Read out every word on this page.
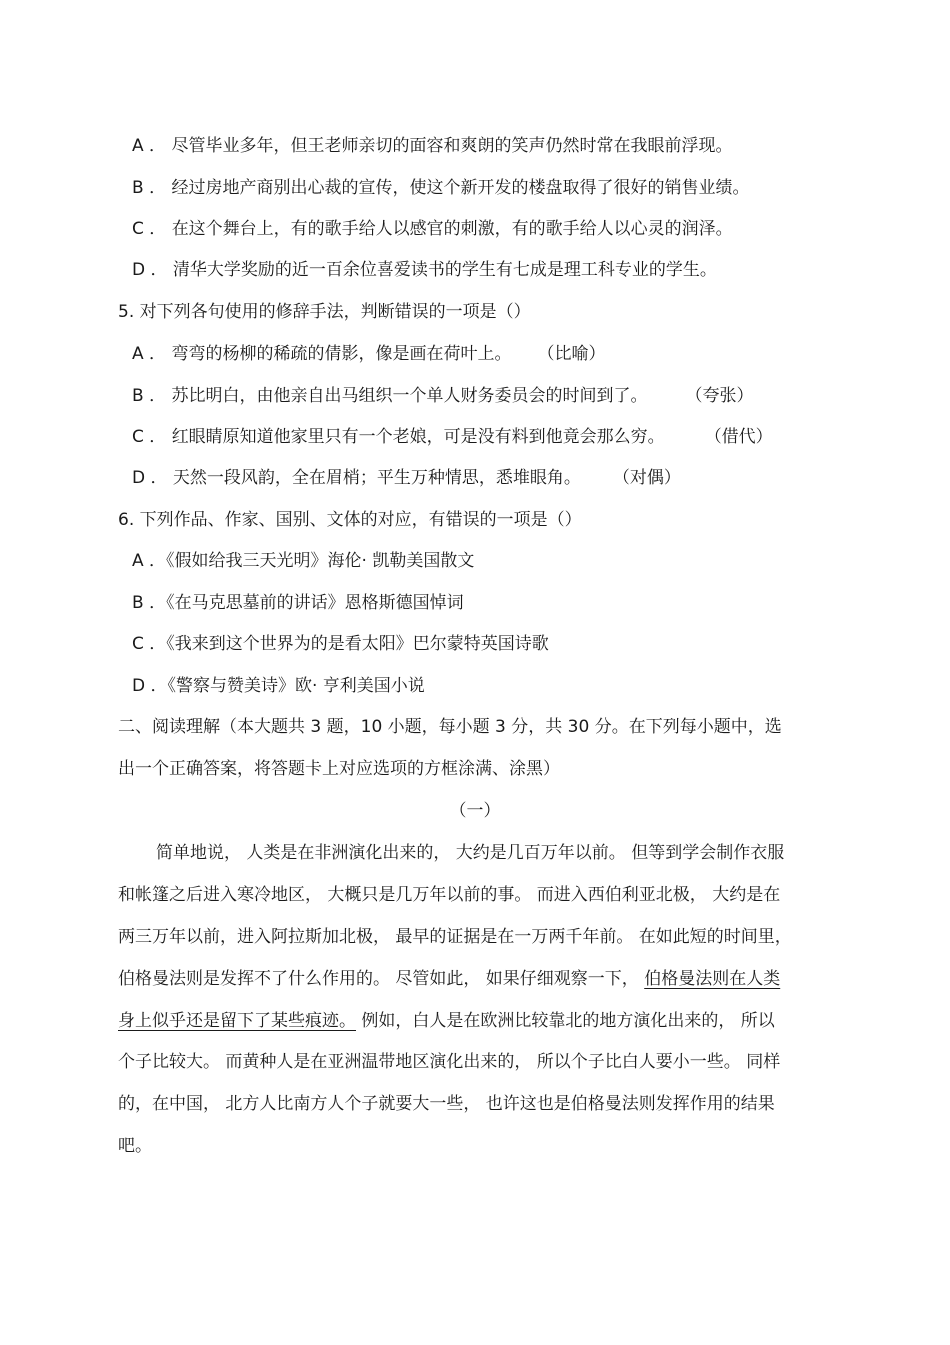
A ． 尽管毕业多年，但王老师亲切的面容和爽朗的笑声仍然时常在我眼前浮现。
B ． 经过房地产商别出心裁的宣传，使这个新开发的楼盘取得了很好的销售业绩。
C ． 在这个舞台上，有的歌手给人以感官的刺激，有的歌手给人以心灵的润泽。
D ． 清华大学奖励的近一百余位喜爱读书的学生有七成是理工科专业的学生。
5. 对下列各句使用的修辞手法，判断错误的一项是（）
A ． 弯弯的杨柳的稀疏的倩影，像是画在荷叶上。 （比喻）
B ． 苏比明白，由他亲自出马组织一个单人财务委员会的时间到了。 （夸张）
C ． 红眼睛原知道他家里只有一个老娘，可是没有料到他竟会那么穷。 （借代）
D ． 天然一段风韵，全在眉梢；平生万种情思，悉堆眼角。 （对偶）
6. 下列作品、作家、国别、文体的对应，有错误的一项是（）
A ．《假如给我三天光明》海伦· 凯勒美国散文
B ．《在马克思墓前的讲话》恩格斯德国悼词
C ．《我来到这个世界为的是看太阳》巴尔蒙特英国诗歌
D ．《警察与赞美诗》欧· 亨利美国小说
二、阅读理解（本大题共 3 题，10 小题，每小题 3 分，共 30 分。在下列每小题中，选
出一个正确答案，将答题卡上对应选项的方框涂满、涂黑）
（一）
简单地说， 人类是在非洲演化出来的， 大约是几百万年以前。 但等到学会制作衣服
和帐篷之后进入寒冷地区， 大概只是几万年以前的事。 而进入西伯利亚北极， 大约是在
两三万年以前，进入阿拉斯加北极， 最早的证据是在一万两千年前。 在如此短的时间里，
伯格曼法则是发挥不了什么作用的。 尽管如此， 如果仔细观察一下， 伯格曼法则在人类
身上似乎还是留下了某些痕迹。 例如，白人是在欧洲比较靠北的地方演化出来的， 所以
个子比较大。 而黄种人是在亚洲温带地区演化出来的， 所以个子比白人要小一些。 同样
的，在中国， 北方人比南方人个子就要大一些， 也许这也是伯格曼法则发挥作用的结果
吧。
